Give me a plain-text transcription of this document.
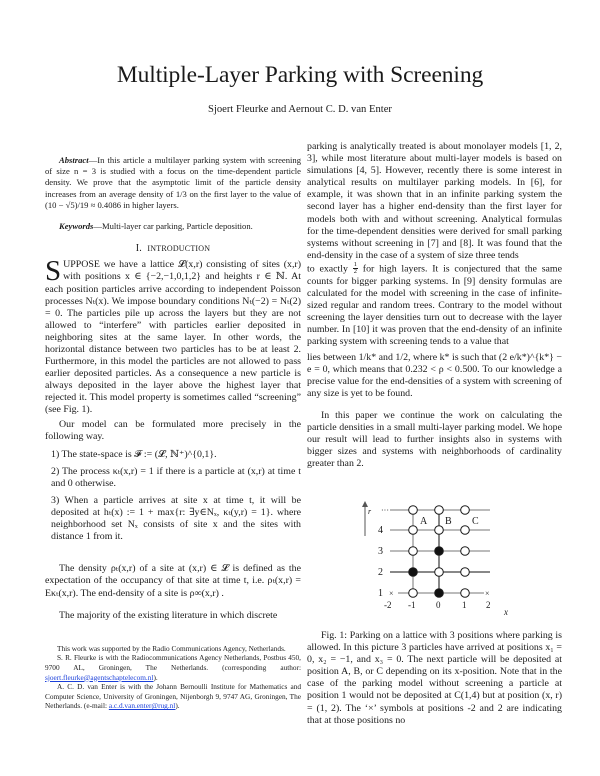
Multiple-Layer Parking with Screening
Sjoert Fleurke and Aernout C. D. van Enter

Abstract—In this article a multilayer parking system with screening of size n = 3 is studied with a focus on the time-dependent particle density. We prove that the asymptotic limit of the particle density increases from an average density of 1/3 on the first layer to the value of (10 − √5)/19 ≈ 0.4086 in higher layers.

Keywords—Multi-layer car parking, Particle deposition.

I. INTRODUCTION

SUPPOSE we have a lattice 𝓛(x,r) consisting of sites (x,r) with positions x ∈ {−2,−1,0,1,2} and heights r ∈ ℕ. At each position particles arrive according to independent Poisson processes Nₜ(x). We impose boundary conditions Nₜ(−2) = Nₜ(2) = 0. The particles pile up across the layers but they are not allowed to “interfere” with particles earlier deposited in neighboring sites at the same layer. In other words, the horizontal distance between two particles has to be at least 2. Furthermore, in this model the particles are not allowed to pass earlier deposited particles. As a consequence a new particle is always deposited in the layer above the highest layer that rejected it. This model property is sometimes called “screening” (see Fig. 1).

Our model can be formulated more precisely in the following way.

1) The state-space is 𝓕 := (𝓛, ℕ⁺)^{0,1}.
2) The process κₜ(x,r) = 1 if there is a particle at (x,r) at time t and 0 otherwise.
3) When a particle arrives at site x at time t, it will be deposited at hₜ(x) := 1 + max{r: ∃y∈Nₓ, κₜ(y,r) = 1}. where neighborhood set Nₓ consists of site x and the sites with distance 1 from it.

The density ρₜ(x,r) of a site at (x,r) ∈ 𝓛 is defined as the expectation of the occupancy of that site at time t, i.e. ρₜ(x,r) = Eκₜ(x,r). The end-density of a site is ρ∞(x,r) .

The majority of the existing literature in which discrete

This work was supported by the Radio Communications Agency, Netherlands.

S. R. Fleurke is with the Radiocommunications Agency Netherlands, Postbus 450, 9700 AL, Groningen, The Netherlands. (corresponding author: sjoert.fleurke@agentschaptelecom.nl).

A. C. D. van Enter is with the Johann Bernoulli Institute for Mathematics and Computer Science, University of Groningen, Nijenborgh 9, 9747 AG, Groningen, The Netherlands. (e-mail: a.c.d.van.enter@rug.nl).

parking is analytically treated is about monolayer models [1, 2, 3], while most literature about multi-layer models is based on simulations [4, 5]. However, recently there is some interest in analytical results on multilayer parking models. In [6], for example, it was shown that in an infinite parking system the second layer has a higher end-density than the first layer for models both with and without screening. Analytical formulas for the time-dependent densities were derived for small parking systems without screening in [7] and [8]. It was found that the end-density in the case of a system of size three tends

to exactly $\frac{1}{2}$ for high layers. It is conjectured that the same counts for bigger parking systems. In [9] density formulas are calculated for the model with screening in the case of infinite-sized regular and random trees. Contrary to the model without screening the layer densities turn out to decrease with the layer number. In [10] it was proven that the end-density of an infinite parking system with screening tends to a value that

lies between 1/k* and 1/2, where k* is such that (2 e/k*)^{k*} − e = 0, which means that 0.232 < ρ < 0.500. To our knowledge a precise value for the end-densities of a system with screening of any size is yet to be found.

In this paper we continue the work on calculating the particle densities in a small multi-layer parking model. We hope our result will lead to further insights also in systems with bigger sizes and systems with neighborhoods of cardinality greater than 2.

r ···
4
3
2
1 ×	×
A B C
-2 -1 0 1 2
x

Fig. 1: Parking on a lattice with 3 positions where parking is allowed. In this picture 3 particles have arrived at positions x₁ = 0, x₂ = −1, and x₃ = 0. The next particle will be deposited at position A, B, or C depending on its x-position. Note that in the case of the parking model without screening a particle at position 1 would not be deposited at C(1,4) but at position (x, r) = (1, 2). The ‘×’ symbols at positions -2 and 2 are indicating that at those positions no
